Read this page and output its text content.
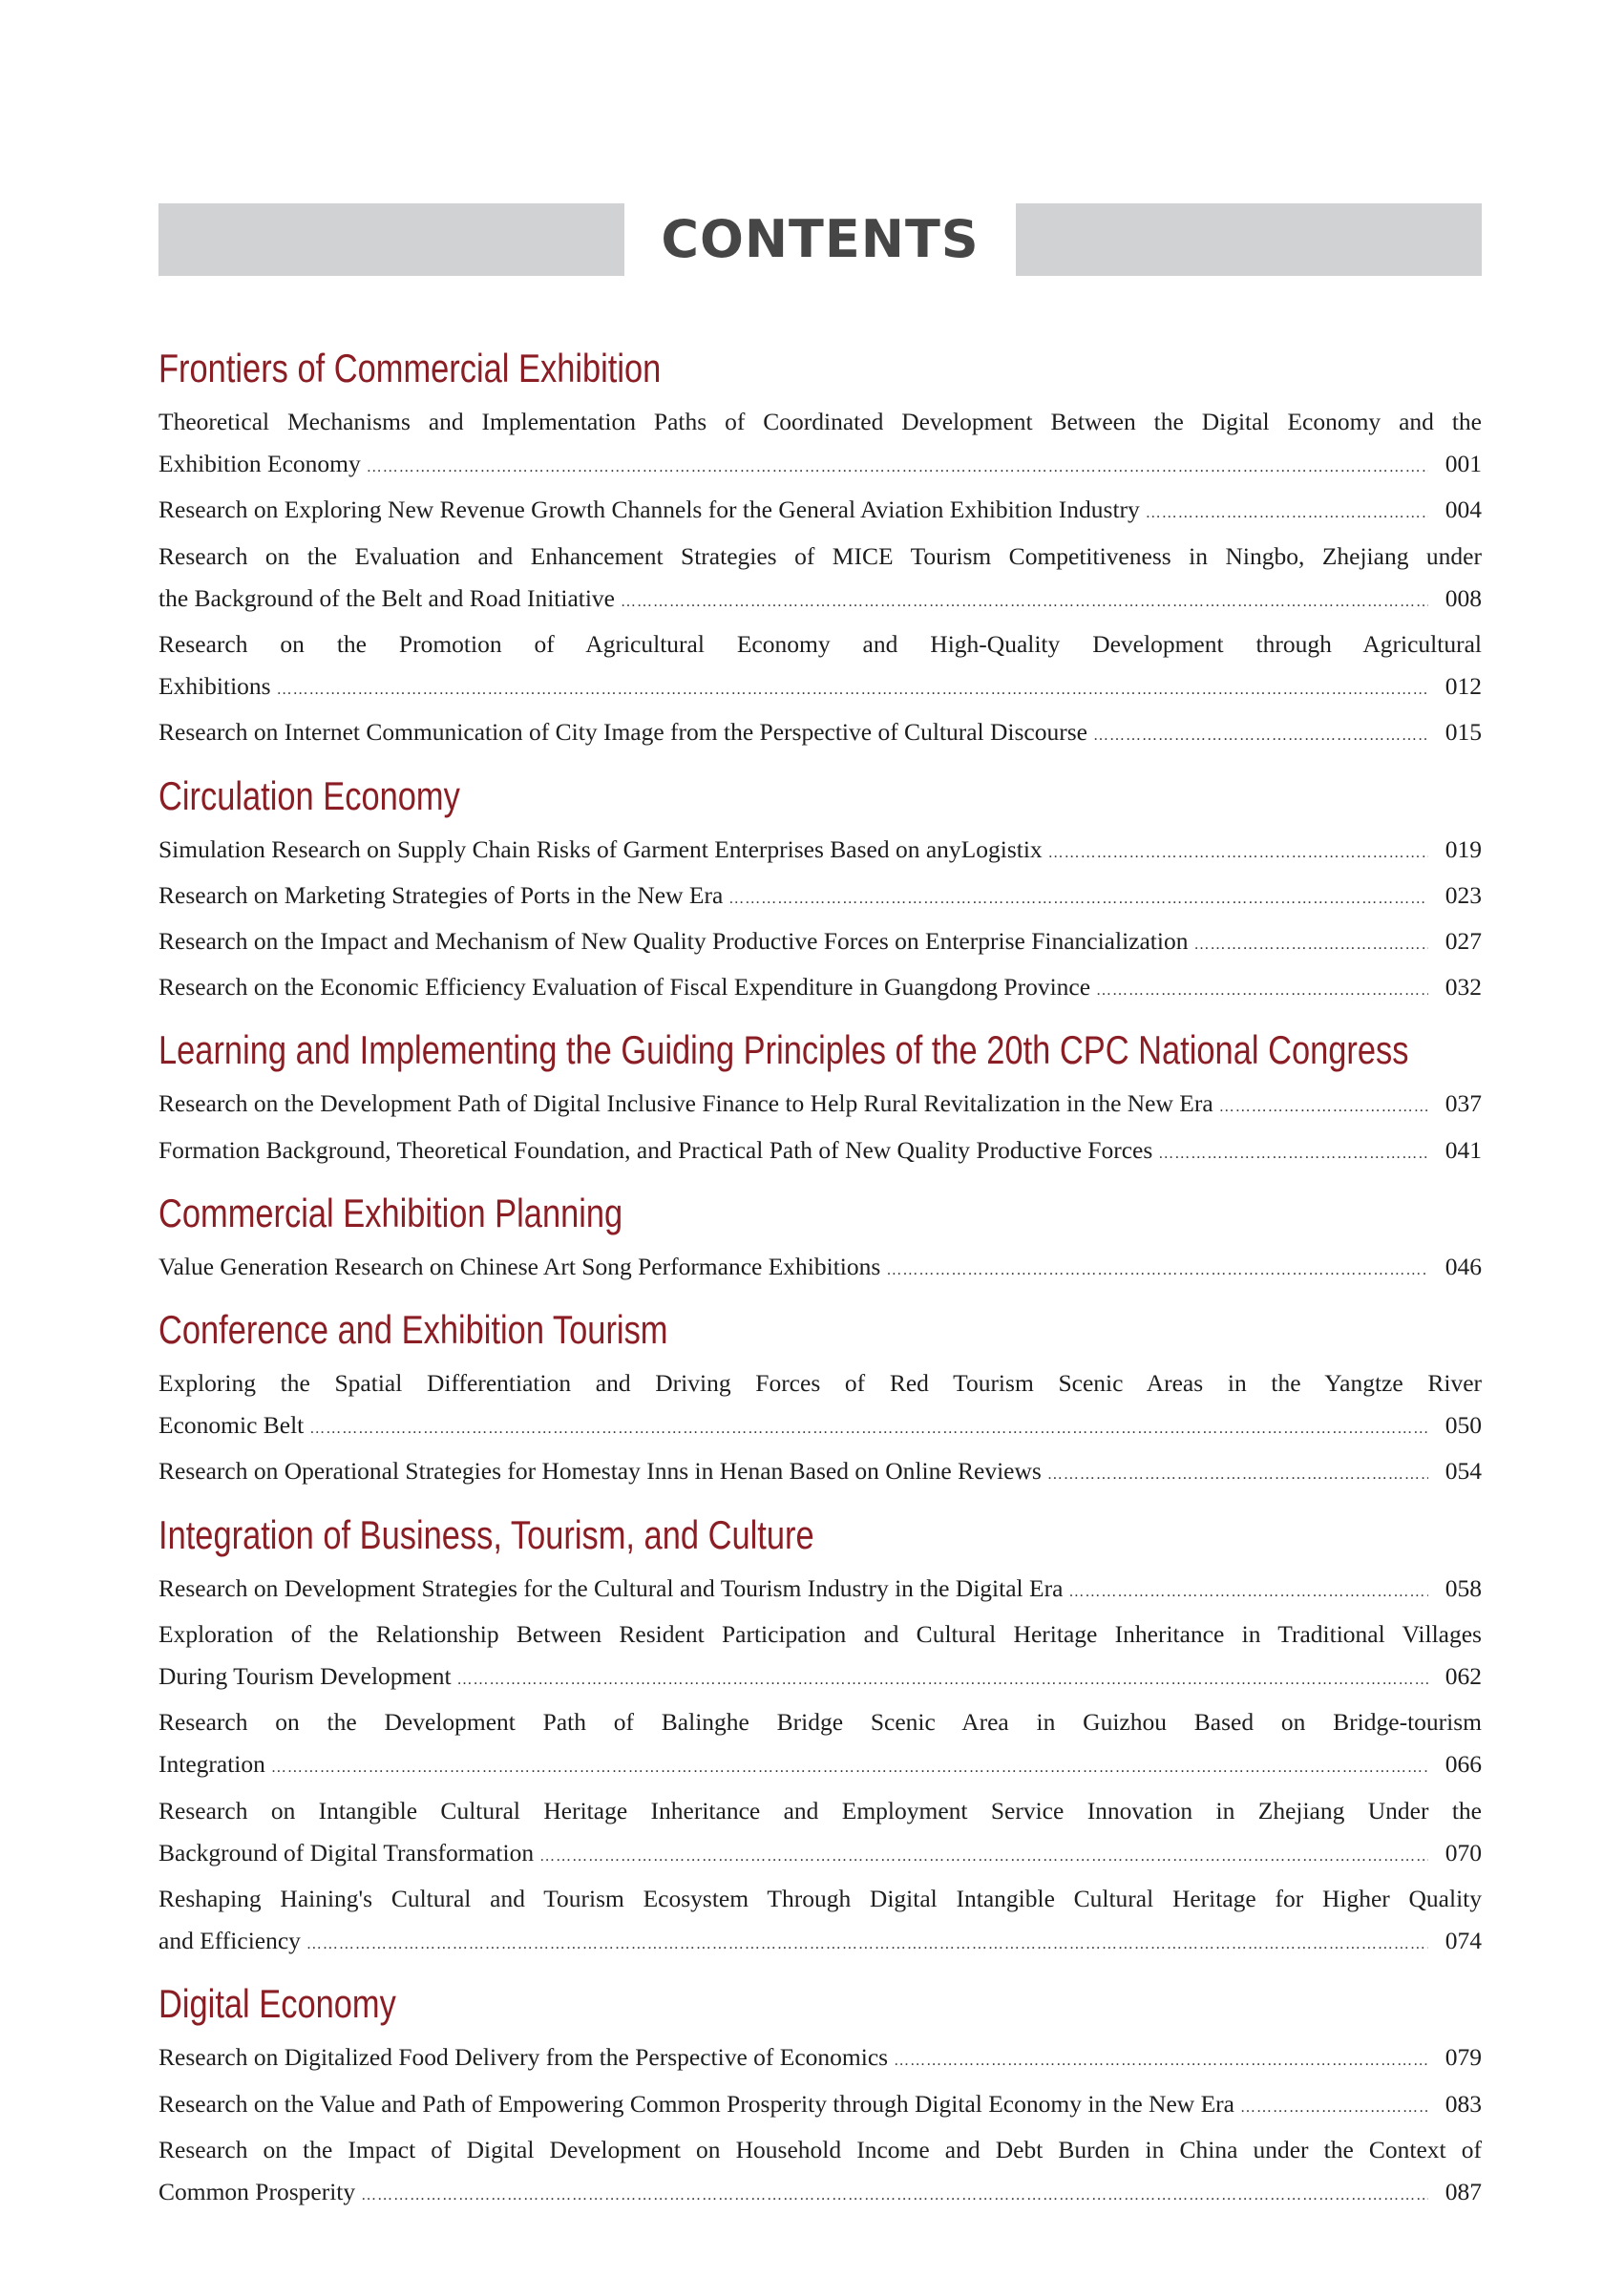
CONTENTS
Frontiers of Commercial Exhibition
Theoretical Mechanisms and Implementation Paths of Coordinated Development Between the Digital Economy and the
Exhibition Economy …………………………………………………………………………………………………………………………………………………………………………………………………………………………………………………………………………………………	001
Research on Exploring New Revenue Growth Channels for the General Aviation Exhibition Industry …………………………………………………………………………………………………………………………………………………………………………………………………………………………………………………………………………………………	004
Research on the Evaluation and Enhancement Strategies of MICE Tourism Competitiveness in Ningbo, Zhejiang under
the Background of the Belt and Road Initiative …………………………………………………………………………………………………………………………………………………………………………………………………………………………………………………………………………………………	008
Research on the Promotion of Agricultural Economy and High-Quality Development through Agricultural
Exhibitions …………………………………………………………………………………………………………………………………………………………………………………………………………………………………………………………………………………………	012
Research on Internet Communication of City Image from the Perspective of Cultural Discourse …………………………………………………………………………………………………………………………………………………………………………………………………………………………………………………………………………………………	015
Circulation Economy
Simulation Research on Supply Chain Risks of Garment Enterprises Based on anyLogistix …………………………………………………………………………………………………………………………………………………………………………………………………………………………………………………………………………………………	019
Research on Marketing Strategies of Ports in the New Era …………………………………………………………………………………………………………………………………………………………………………………………………………………………………………………………………………………………	023
Research on the Impact and Mechanism of New Quality Productive Forces on Enterprise Financialization …………………………………………………………………………………………………………………………………………………………………………………………………………………………………………………………………………………………	027
Research on the Economic Efficiency Evaluation of Fiscal Expenditure in Guangdong Province …………………………………………………………………………………………………………………………………………………………………………………………………………………………………………………………………………………………	032
Learning and Implementing the Guiding Principles of the 20th CPC National Congress
Research on the Development Path of Digital Inclusive Finance to Help Rural Revitalization in the New Era …………………………………………………………………………………………………………………………………………………………………………………………………………………………………………………………………………………………	037
Formation Background, Theoretical Foundation, and Practical Path of New Quality Productive Forces …………………………………………………………………………………………………………………………………………………………………………………………………………………………………………………………………………………………	041
Commercial Exhibition Planning
Value Generation Research on Chinese Art Song Performance Exhibitions …………………………………………………………………………………………………………………………………………………………………………………………………………………………………………………………………………………………	046
Conference and Exhibition Tourism
Exploring the Spatial Differentiation and Driving Forces of Red Tourism Scenic Areas in the Yangtze River
Economic Belt …………………………………………………………………………………………………………………………………………………………………………………………………………………………………………………………………………………………	050
Research on Operational Strategies for Homestay Inns in Henan Based on Online Reviews …………………………………………………………………………………………………………………………………………………………………………………………………………………………………………………………………………………………	054
Integration of Business, Tourism, and Culture
Research on Development Strategies for the Cultural and Tourism Industry in the Digital Era …………………………………………………………………………………………………………………………………………………………………………………………………………………………………………………………………………………………	058
Exploration of the Relationship Between Resident Participation and Cultural Heritage Inheritance in Traditional Villages
During Tourism Development …………………………………………………………………………………………………………………………………………………………………………………………………………………………………………………………………………………………	062
Research on the Development Path of Balinghe Bridge Scenic Area in Guizhou Based on Bridge-tourism
Integration …………………………………………………………………………………………………………………………………………………………………………………………………………………………………………………………………………………………	066
Research on Intangible Cultural Heritage Inheritance and Employment Service Innovation in Zhejiang Under the
Background of Digital Transformation …………………………………………………………………………………………………………………………………………………………………………………………………………………………………………………………………………………………	070
Reshaping Haining's Cultural and Tourism Ecosystem Through Digital Intangible Cultural Heritage for Higher Quality
and Efficiency …………………………………………………………………………………………………………………………………………………………………………………………………………………………………………………………………………………………	074
Digital Economy
Research on Digitalized Food Delivery from the Perspective of Economics …………………………………………………………………………………………………………………………………………………………………………………………………………………………………………………………………………………………	079
Research on the Value and Path of Empowering Common Prosperity through Digital Economy in the New Era …………………………………………………………………………………………………………………………………………………………………………………………………………………………………………………………………………………………	083
Research on the Impact of Digital Development on Household Income and Debt Burden in China under the Context of
Common Prosperity …………………………………………………………………………………………………………………………………………………………………………………………………………………………………………………………………………………………	087
